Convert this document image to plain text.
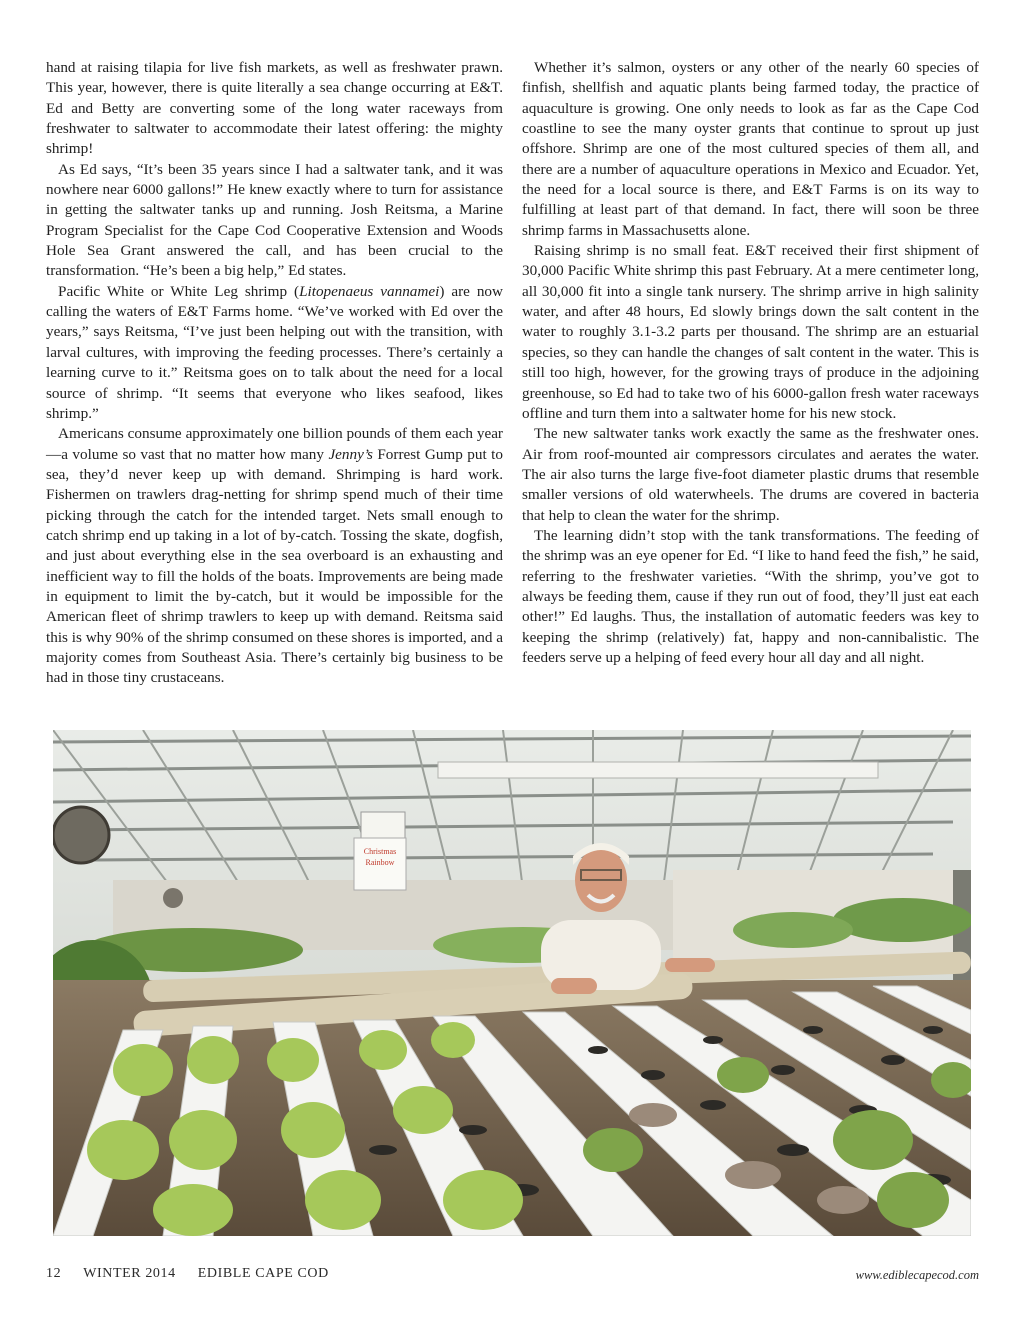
hand at raising tilapia for live fish markets, as well as freshwater prawn. This year, however, there is quite literally a sea change occurring at E&T. Ed and Betty are converting some of the long water raceways from freshwater to saltwater to accommodate their latest offering: the mighty shrimp!

As Ed says, “It’s been 35 years since I had a saltwater tank, and it was nowhere near 6000 gallons!” He knew exactly where to turn for assistance in getting the saltwater tanks up and running. Josh Reitsma, a Marine Program Specialist for the Cape Cod Cooperative Extension and Woods Hole Sea Grant answered the call, and has been crucial to the transformation. “He’s been a big help,” Ed states.

Pacific White or White Leg shrimp (Litopenaeus vannamei) are now calling the waters of E&T Farms home. “We’ve worked with Ed over the years,” says Reitsma, “I’ve just been helping out with the transition, with larval cultures, with improving the feeding processes. There’s certainly a learning curve to it.” Reitsma goes on to talk about the need for a local source of shrimp. “It seems that everyone who likes seafood, likes shrimp.”

Americans consume approximately one billion pounds of them each year—a volume so vast that no matter how many Jenny’s Forrest Gump put to sea, they’d never keep up with demand. Shrimping is hard work. Fishermen on trawlers drag-netting for shrimp spend much of their time picking through the catch for the intended target. Nets small enough to catch shrimp end up taking in a lot of by-catch. Tossing the skate, dogfish, and just about everything else in the sea overboard is an exhausting and inefficient way to fill the holds of the boats. Improvements are being made in equipment to limit the by-catch, but it would be impossible for the American fleet of shrimp trawlers to keep up with demand. Reitsma said this is why 90% of the shrimp consumed on these shores is imported, and a majority comes from Southeast Asia. There’s certainly big business to be had in those tiny crustaceans.

Whether it’s salmon, oysters or any other of the nearly 60 species of finfish, shellfish and aquatic plants being farmed today, the practice of aquaculture is growing. One only needs to look as far as the Cape Cod coastline to see the many oyster grants that continue to sprout up just offshore. Shrimp are one of the most cultured species of them all, and there are a number of aquaculture operations in Mexico and Ecuador. Yet, the need for a local source is there, and E&T Farms is on its way to fulfilling at least part of that demand. In fact, there will soon be three shrimp farms in Massachusetts alone.

Raising shrimp is no small feat. E&T received their first shipment of 30,000 Pacific White shrimp this past February. At a mere centimeter long, all 30,000 fit into a single tank nursery. The shrimp arrive in high salinity water, and after 48 hours, Ed slowly brings down the salt content in the water to roughly 3.1-3.2 parts per thousand. The shrimp are an estuarial species, so they can handle the changes of salt content in the water. This is still too high, however, for the growing trays of produce in the adjoining greenhouse, so Ed had to take two of his 6000-gallon fresh water raceways offline and turn them into a saltwater home for his new stock.

The new saltwater tanks work exactly the same as the freshwater ones. Air from roof-mounted air compressors circulates and aerates the water. The air also turns the large five-foot diameter plastic drums that resemble smaller versions of old waterwheels. The drums are covered in bacteria that help to clean the water for the shrimp.

The learning didn’t stop with the tank transformations. The feeding of the shrimp was an eye opener for Ed. “I like to hand feed the fish,” he said, referring to the freshwater varieties. “With the shrimp, you’ve got to always be feeding them, cause if they run out of food, they’ll just eat each other!” Ed laughs. Thus, the installation of automatic feeders was key to keeping the shrimp (relatively) fat, happy and non-cannibalistic. The feeders serve up a helping of feed every hour all day and all night.

Christmas
Rainbow
12 WINTER 2014 EDIBLE CAPE COD	www.ediblecapecod.com
